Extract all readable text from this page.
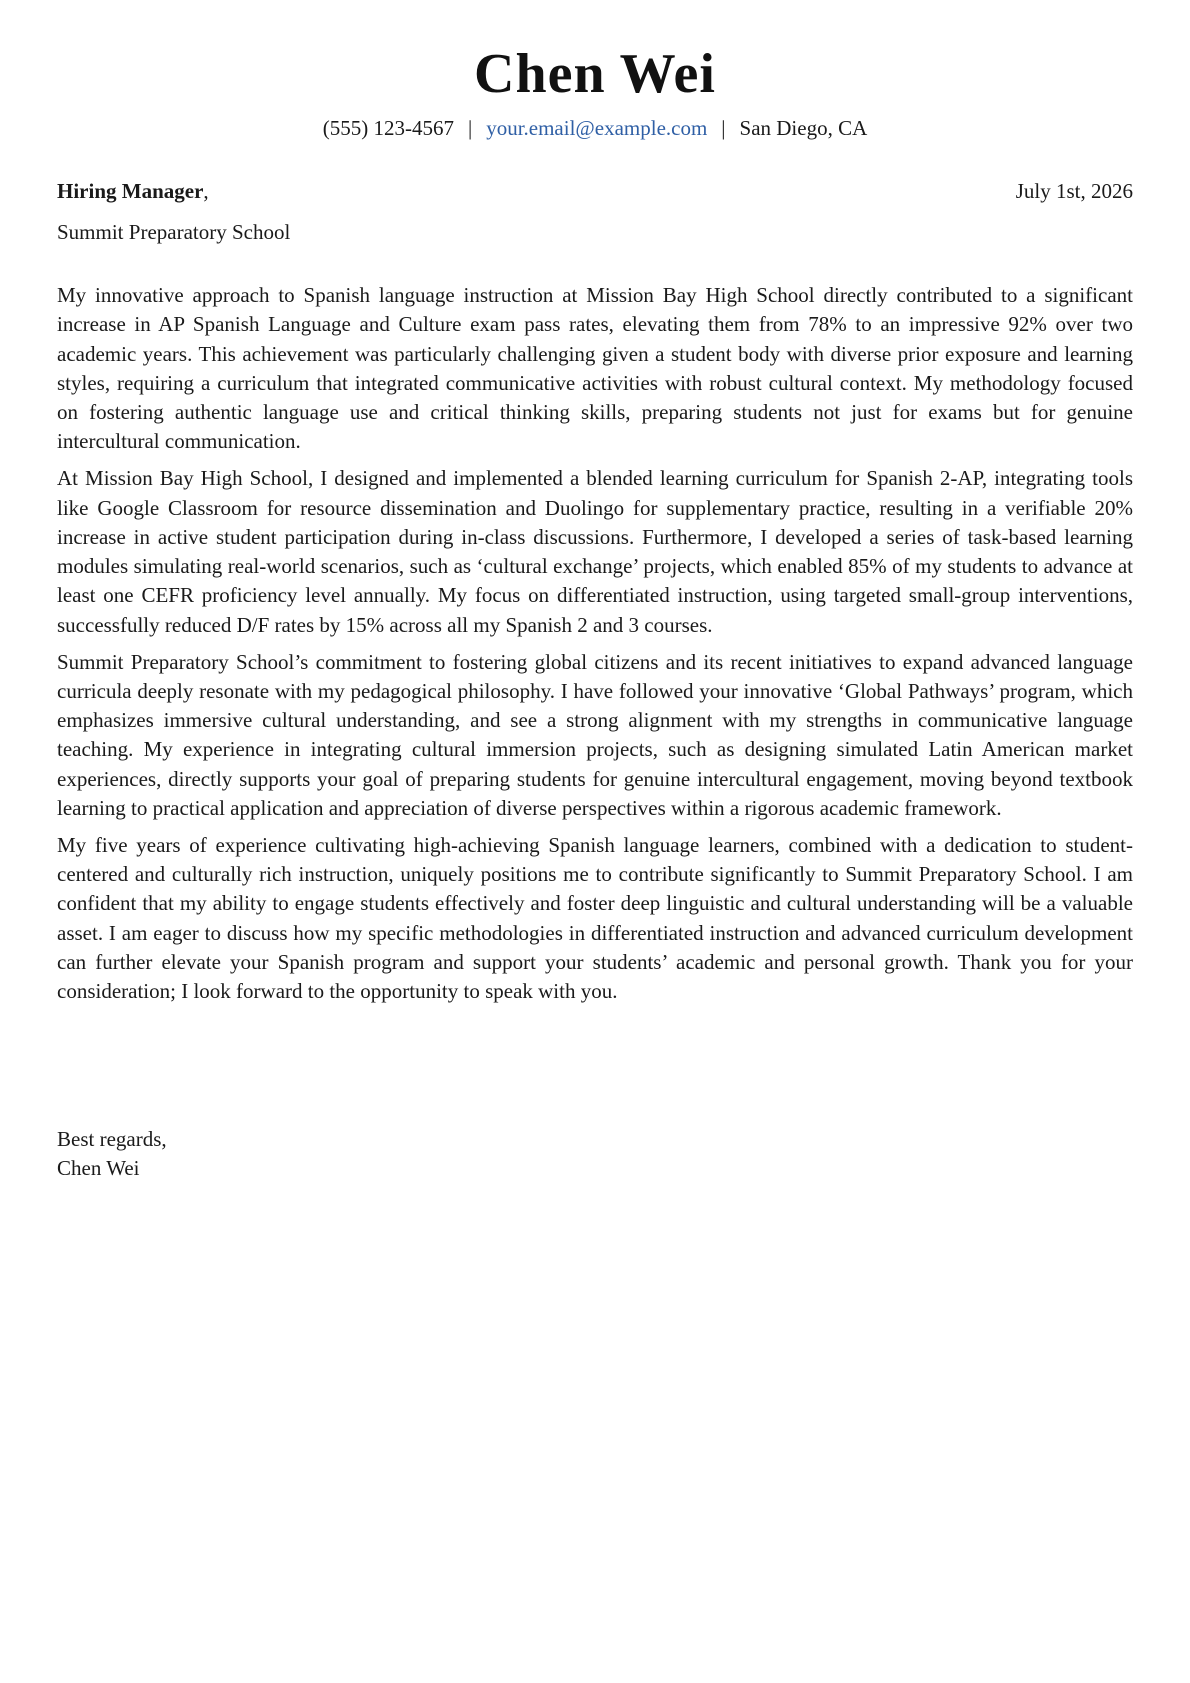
Chen Wei
(555) 123-4567 | your.email@example.com | San Diego, CA
Hiring Manager,	July 1st, 2026
Summit Preparatory School

My innovative approach to Spanish language instruction at Mission Bay High School directly contributed to a significant increase in AP Spanish Language and Culture exam pass rates, elevating them from 78% to an impressive 92% over two academic years. This achievement was particularly challenging given a student body with diverse prior exposure and learning styles, requiring a curriculum that integrated communicative activities with robust cultural context. My methodology focused on fostering authentic language use and critical thinking skills, preparing students not just for exams but for genuine intercultural communication.

At Mission Bay High School, I designed and implemented a blended learning curriculum for Spanish 2-AP, integrating tools like Google Classroom for resource dissemination and Duolingo for supplementary practice, resulting in a verifiable 20% increase in active student participation during in-class discussions. Furthermore, I developed a series of task-based learning modules simulating real-world scenarios, such as ‘cultural exchange’ projects, which enabled 85% of my students to advance at least one CEFR proficiency level annually. My focus on differentiated instruction, using targeted small-group interventions, successfully reduced D/F rates by 15% across all my Spanish 2 and 3 courses.

Summit Preparatory School’s commitment to fostering global citizens and its recent initiatives to expand advanced language curricula deeply resonate with my pedagogical philosophy. I have followed your innovative ‘Global Pathways’ program, which emphasizes immersive cultural understanding, and see a strong alignment with my strengths in communicative language teaching. My experience in integrating cultural immersion projects, such as designing simulated Latin American market experiences, directly supports your goal of preparing students for genuine intercultural engagement, moving beyond textbook learning to practical application and appreciation of diverse perspectives within a rigorous academic framework.

My five years of experience cultivating high-achieving Spanish language learners, combined with a dedication to student-centered and culturally rich instruction, uniquely positions me to contribute significantly to Summit Preparatory School. I am confident that my ability to engage students effectively and foster deep linguistic and cultural understanding will be a valuable asset. I am eager to discuss how my specific methodologies in differentiated instruction and advanced curriculum development can further elevate your Spanish program and support your students’ academic and personal growth. Thank you for your consideration; I look forward to the opportunity to speak with you.

Best regards,
Chen Wei
